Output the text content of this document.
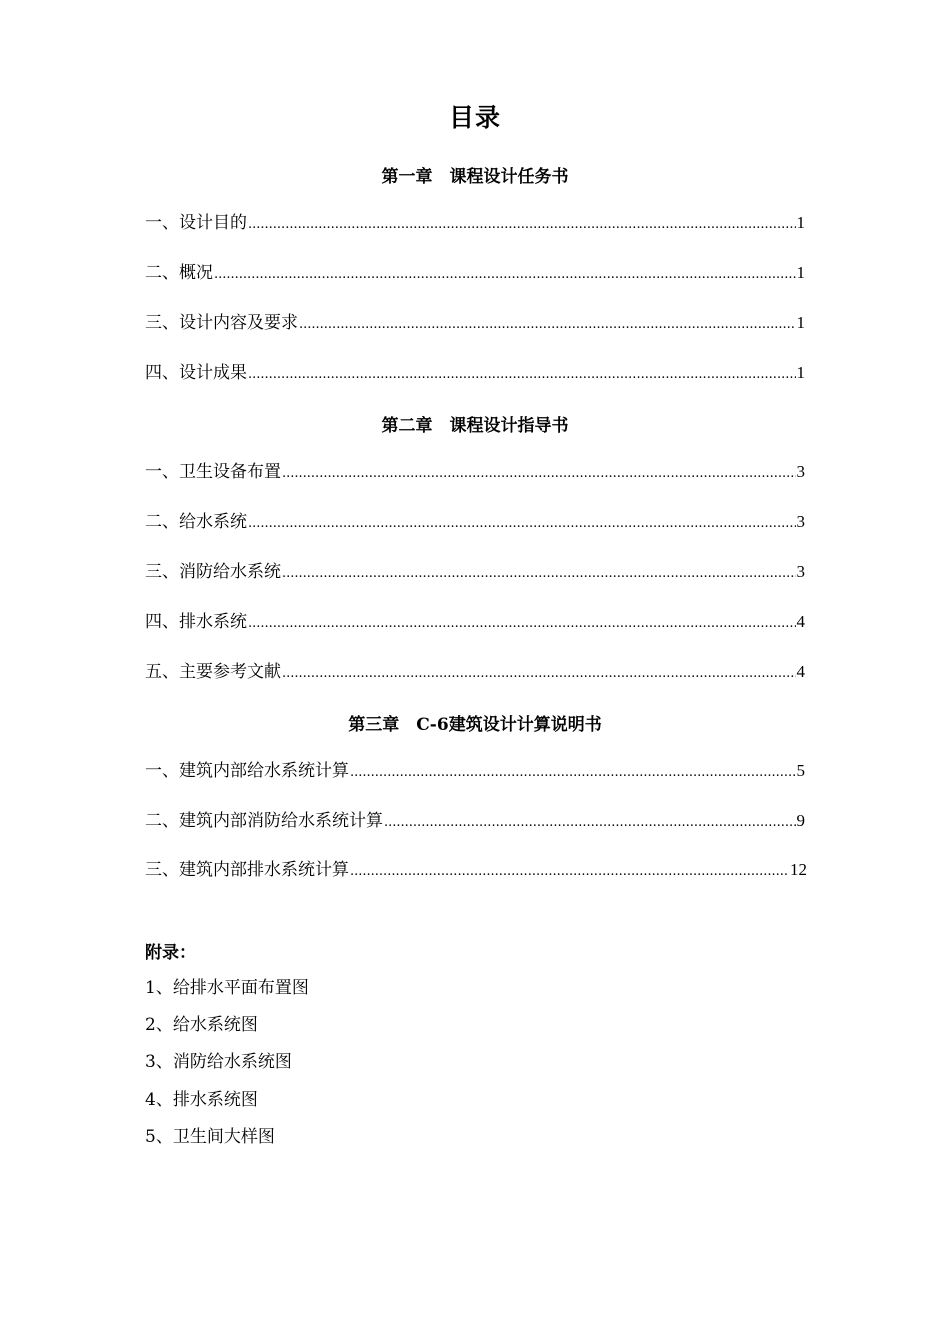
目录
第一章　课程设计任务书
一、设计目的 .....	1
二、概况 .....	1
三、设计内容及要求 .....	1
四、设计成果 .....	1
第二章　课程设计指导书
一、卫生设备布置 .....	3
二、给水系统 .....	3
三、消防给水系统 .....	3
四、排水系统 .....	4
五、主要参考文献 .....	4
第三章　C-6建筑设计计算说明书
一、建筑内部给水系统计算 .....	5
二、建筑内部消防给水系统计算 .....	9
三、建筑内部排水系统计算 .....	12
附录：
1、给排水平面布置图
2、给水系统图
3、消防给水系统图
4、排水系统图
5、卫生间大样图
